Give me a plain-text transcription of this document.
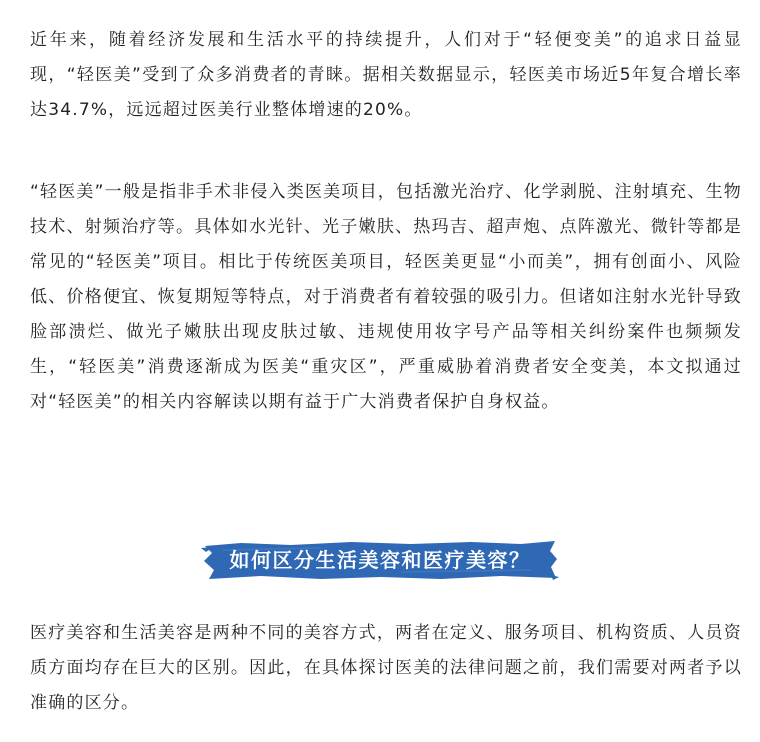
近年来，随着经济发展和生活水平的持续提升，人们对于“轻便变美”的追求日益显现，“轻医美”受到了众多消费者的青睐。据相关数据显示，轻医美市场近5年复合增长率达34.7%，远远超过医美行业整体增速的20%。

“轻医美”一般是指非手术非侵入类医美项目，包括激光治疗、化学剥脱、注射填充、生物技术、射频治疗等。具体如水光针、光子嫩肤、热玛吉、超声炮、点阵激光、微针等都是常见的“轻医美”项目。相比于传统医美项目，轻医美更显“小而美”，拥有创面小、风险低、价格便宜、恢复期短等特点，对于消费者有着较强的吸引力。但诸如注射水光针导致脸部溃烂、做光子嫩肤出现皮肤过敏、违规使用妆字号产品等相关纠纷案件也频频发生，“轻医美”消费逐渐成为医美“重灾区”，严重威胁着消费者安全变美，本文拟通过对“轻医美”的相关内容解读以期有益于广大消费者保护自身权益。

如何区分生活美容和医疗美容？

医疗美容和生活美容是两种不同的美容方式，两者在定义、服务项目、机构资质、人员资质方面均存在巨大的区别。因此，在具体探讨医美的法律问题之前，我们需要对两者予以准确的区分。
